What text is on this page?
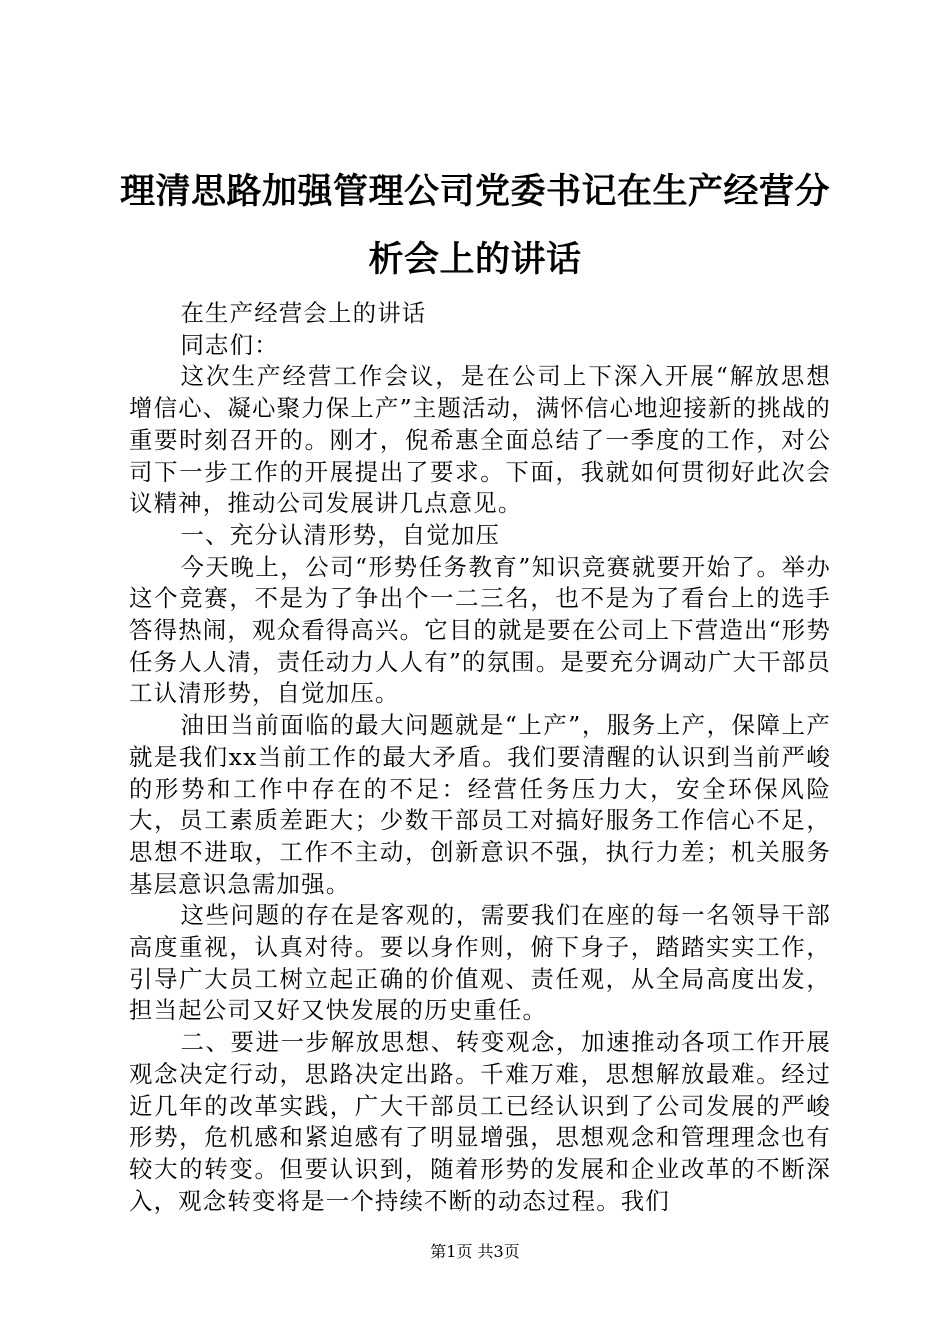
理清思路加强管理公司党委书记在生产经营分析会上的讲话

在生产经营会上的讲话

同志们：

这次生产经营工作会议，是在公司上下深入开展“解放思想增信心、凝心聚力保上产”主题活动，满怀信心地迎接新的挑战的重要时刻召开的。刚才，倪希惠全面总结了一季度的工作，对公司下一步工作的开展提出了要求。下面，我就如何贯彻好此次会议精神，推动公司发展讲几点意见。

一、充分认清形势，自觉加压

今天晚上，公司“形势任务教育”知识竞赛就要开始了。举办这个竞赛，不是为了争出个一二三名，也不是为了看台上的选手答得热闹，观众看得高兴。它目的就是要在公司上下营造出“形势任务人人清，责任动力人人有”的氛围。是要充分调动广大干部员工认清形势，自觉加压。

油田当前面临的最大问题就是“上产”，服务上产，保障上产就是我们xx当前工作的最大矛盾。我们要清醒的认识到当前严峻的形势和工作中存在的不足：经营任务压力大，安全环保风险大，员工素质差距大；少数干部员工对搞好服务工作信心不足，思想不进取，工作不主动，创新意识不强，执行力差；机关服务基层意识急需加强。

这些问题的存在是客观的，需要我们在座的每一名领导干部高度重视，认真对待。要以身作则，俯下身子，踏踏实实工作，引导广大员工树立起正确的价值观、责任观，从全局高度出发，担当起公司又好又快发展的历史重任。

二、要进一步解放思想、转变观念，加速推动各项工作开展观念决定行动，思路决定出路。千难万难，思想解放最难。经过近几年的改革实践，广大干部员工已经认识到了公司发展的严峻形势，危机感和紧迫感有了明显增强，思想观念和管理理念也有较大的转变。但要认识到，随着形势的发展和企业改革的不断深入，观念转变将是一个持续不断的动态过程。我们

第1页 共3页
